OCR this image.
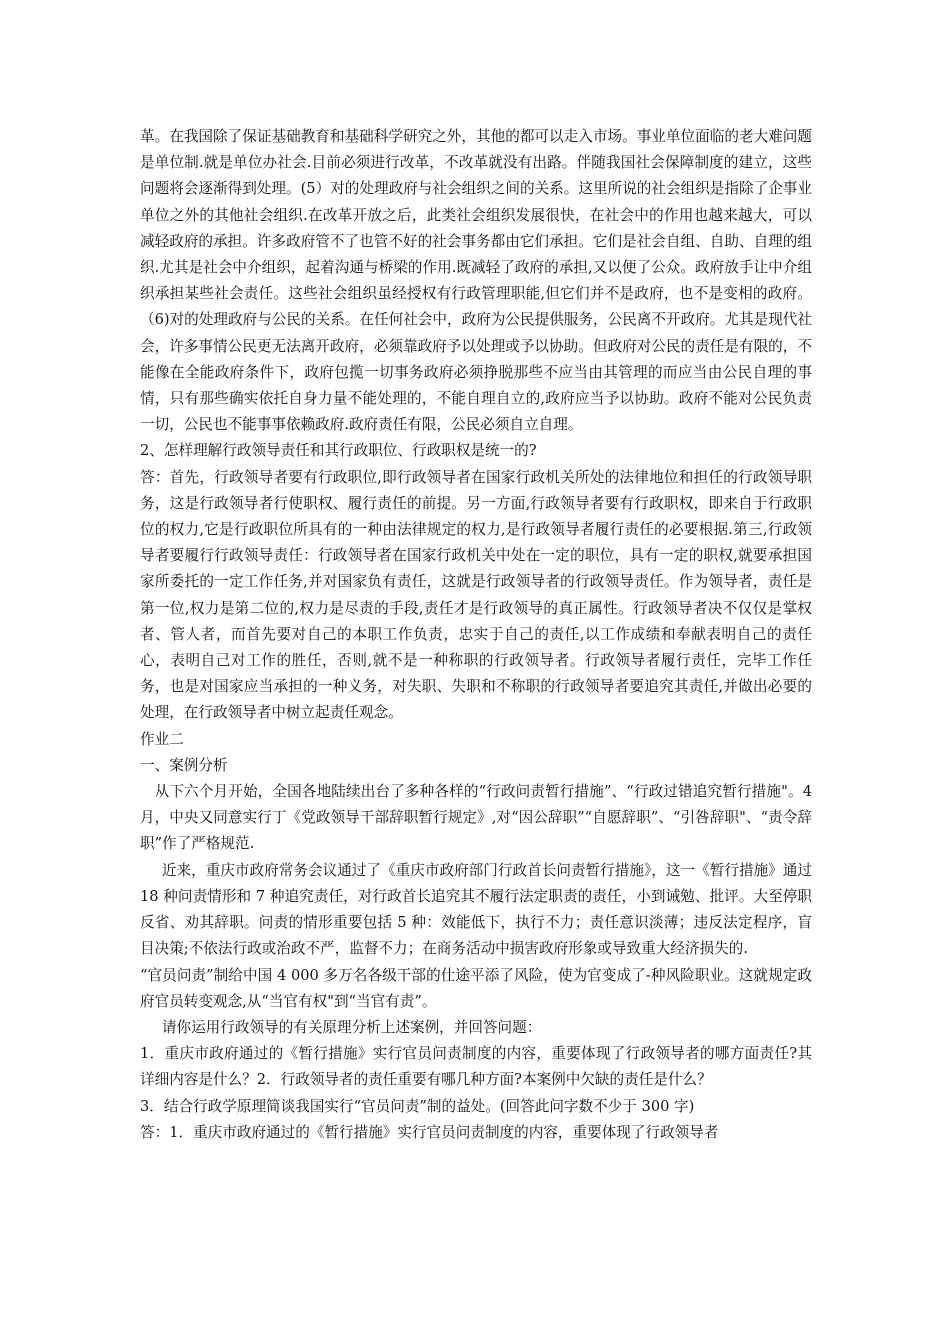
革。在我国除了保证基础教育和基础科学研究之外，其他的都可以走入市场。事业单位面临的老大难问题是单位制.就是单位办社会.目前必须进行改革，不改革就没有出路。伴随我国社会保障制度的建立，这些问题将会逐渐得到处理。(5）对的处理政府与社会组织之间的关系。这里所说的社会组织是指除了企事业单位之外的其他社会组织.在改革开放之后，此类社会组织发展很快，在社会中的作用也越来越大，可以减轻政府的承担。许多政府管不了也管不好的社会事务都由它们承担。它们是社会自组、自助、自理的组织.尤其是社会中介组织，起着沟通与桥梁的作用.既减轻了政府的承担,又以便了公众。政府放手让中介组织承担某些社会责任。这些社会组织虽经授权有行政管理职能,但它们并不是政府，也不是变相的政府。（6)对的处理政府与公民的关系。在任何社会中，政府为公民提供服务，公民离不开政府。尤其是现代社会，许多事情公民更无法离开政府，必须靠政府予以处理或予以协助。但政府对公民的责任是有限的，不能像在全能政府条件下，政府包揽一切事务政府必须挣脱那些不应当由其管理的而应当由公民自理的事情，只有那些确实依托自身力量不能处理的，不能自理自立的,政府应当予以协助。政府不能对公民负责一切，公民也不能事事依赖政府.政府责任有限，公民必须自立自理。

2、怎样理解行政领导责任和其行政职位、行政职权是统一的?

答：首先，行政领导者要有行政职位,即行政领导者在国家行政机关所处的法律地位和担任的行政领导职务，这是行政领导者行使职权、履行责任的前提。另一方面,行政领导者要有行政职权，即来自于行政职位的权力,它是行政职位所具有的一种由法律规定的权力,是行政领导者履行责任的必要根据.第三,行政领导者要履行行政领导责任：行政领导者在国家行政机关中处在一定的职位，具有一定的职权,就要承担国家所委托的一定工作任务,并对国家负有责任，这就是行政领导者的行政领导责任。作为领导者，责任是第一位,权力是第二位的,权力是尽责的手段,责任才是行政领导的真正属性。行政领导者决不仅仅是掌权者、管人者，而首先要对自己的本职工作负责，忠实于自己的责任,以工作成绩和奉献表明自己的责任心，表明自己对工作的胜任，否则,就不是一种称职的行政领导者。行政领导者履行责任，完毕工作任务，也是对国家应当承担的一种义务，对失职、失职和不称职的行政领导者要追究其责任,并做出必要的处理，在行政领导者中树立起责任观念。

作业二

一、案例分析

从下六个月开始，全国各地陆续出台了多种各样的“行政问责暂行措施”、“行政过错追究暂行措施"。4月，中央又同意实行丁《党政领导干部辞职暂行规定》,对“因公辞职”“自愿辞职”、“引咎辞职"、“责令辞职”作了严格规范.

近来，重庆市政府常务会议通过了《重庆市政府部门行政首长问责暂行措施》，这一《暂行措施》通过 18 种问责情形和 7 种追究责任，对行政首长追究其不履行法定职责的责任，小到诫勉、批评。大至停职反省、劝其辞职。问责的情形重要包括 5 种：效能低下，执行不力；责任意识淡薄；违反法定程序，盲目决策;不依法行政或治政不严，监督不力；在商务活动中损害政府形象或导致重大经济损失的.

“官员问责”制给中国 4 000 多万名各级干部的仕途平添了风险，使为官变成了-种风险职业。这就规定政府官员转变观念,从“当官有权"到“当官有责”。

请你运用行政领导的有关原理分析上述案例，并回答问题：

1．重庆市政府通过的《暂行措施》实行官员问责制度的内容，重要体现了行政领导者的哪方面责任?其详细内容是什么？2．行政领导者的责任重要有哪几种方面?本案例中欠缺的责任是什么？

3．结合行政学原理简谈我国实行“官员问责”制的益处。(回答此问字数不少于 300 字)

答：1．重庆市政府通过的《暂行措施》实行官员问责制度的内容，重要体现了行政领导者
